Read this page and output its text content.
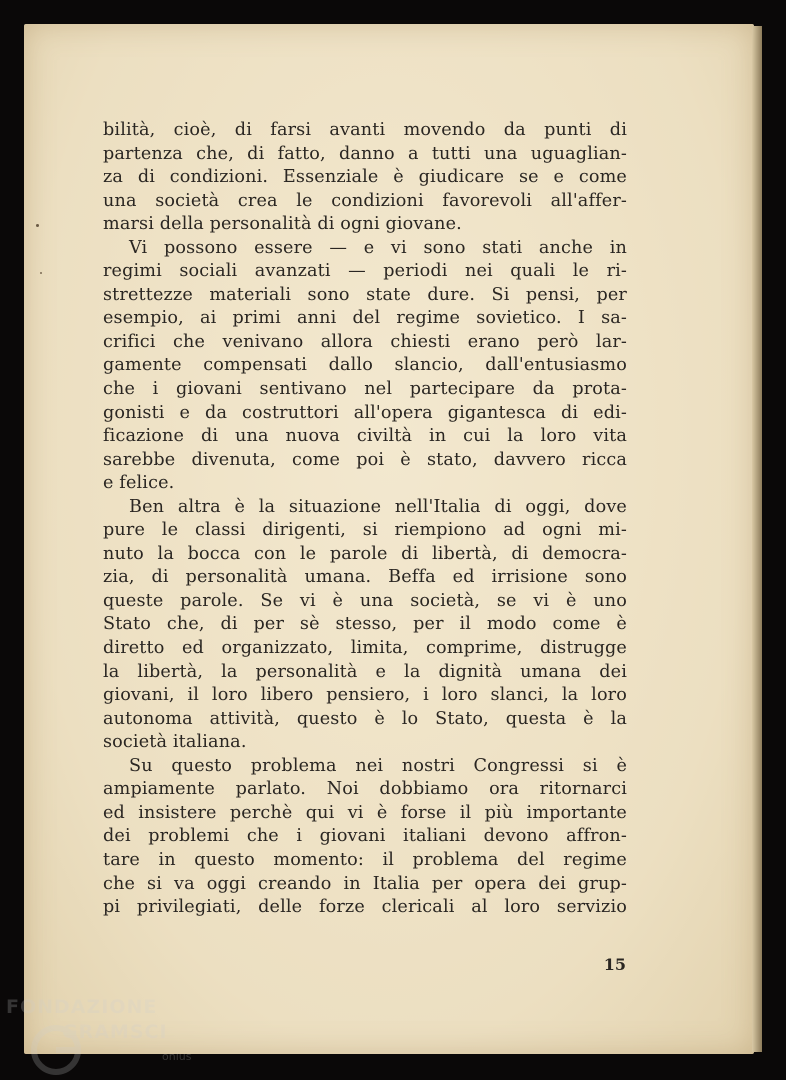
bilità, cioè, di farsi avanti movendo da punti di
partenza che, di fatto, danno a tutti una uguaglian-
za di condizioni. Essenziale è giudicare se e come
una società crea le condizioni favorevoli all'affer-
marsi della personalità di ogni giovane.
Vi possono essere — e vi sono stati anche in
regimi sociali avanzati — periodi nei quali le ri-
strettezze materiali sono state dure. Si pensi, per
esempio, ai primi anni del regime sovietico. I sa-
crifici che venivano allora chiesti erano però lar-
gamente compensati dallo slancio, dall'entusiasmo
che i giovani sentivano nel partecipare da prota-
gonisti e da costruttori all'opera gigantesca di edi-
ficazione di una nuova civiltà in cui la loro vita
sarebbe divenuta, come poi è stato, davvero ricca
e felice.
Ben altra è la situazione nell'Italia di oggi, dove
pure le classi dirigenti, si riempiono ad ogni mi-
nuto la bocca con le parole di libertà, di democra-
zia, di personalità umana. Beffa ed irrisione sono
queste parole. Se vi è una società, se vi è uno
Stato che, di per sè stesso, per il modo come è
diretto ed organizzato, limita, comprime, distrugge
la libertà, la personalità e la dignità umana dei
giovani, il loro libero pensiero, i loro slanci, la loro
autonoma attività, questo è lo Stato, questa è la
società italiana.
Su questo problema nei nostri Congressi si è
ampiamente parlato. Noi dobbiamo ora ritornarci
ed insistere perchè qui vi è forse il più importante
dei problemi che i giovani italiani devono affron-
tare in questo momento: il problema del regime
che si va oggi creando in Italia per opera dei grup-
pi privilegiati, delle forze clericali al loro servizio
15
FONDAZIONE
GRAMSCI
onlus
